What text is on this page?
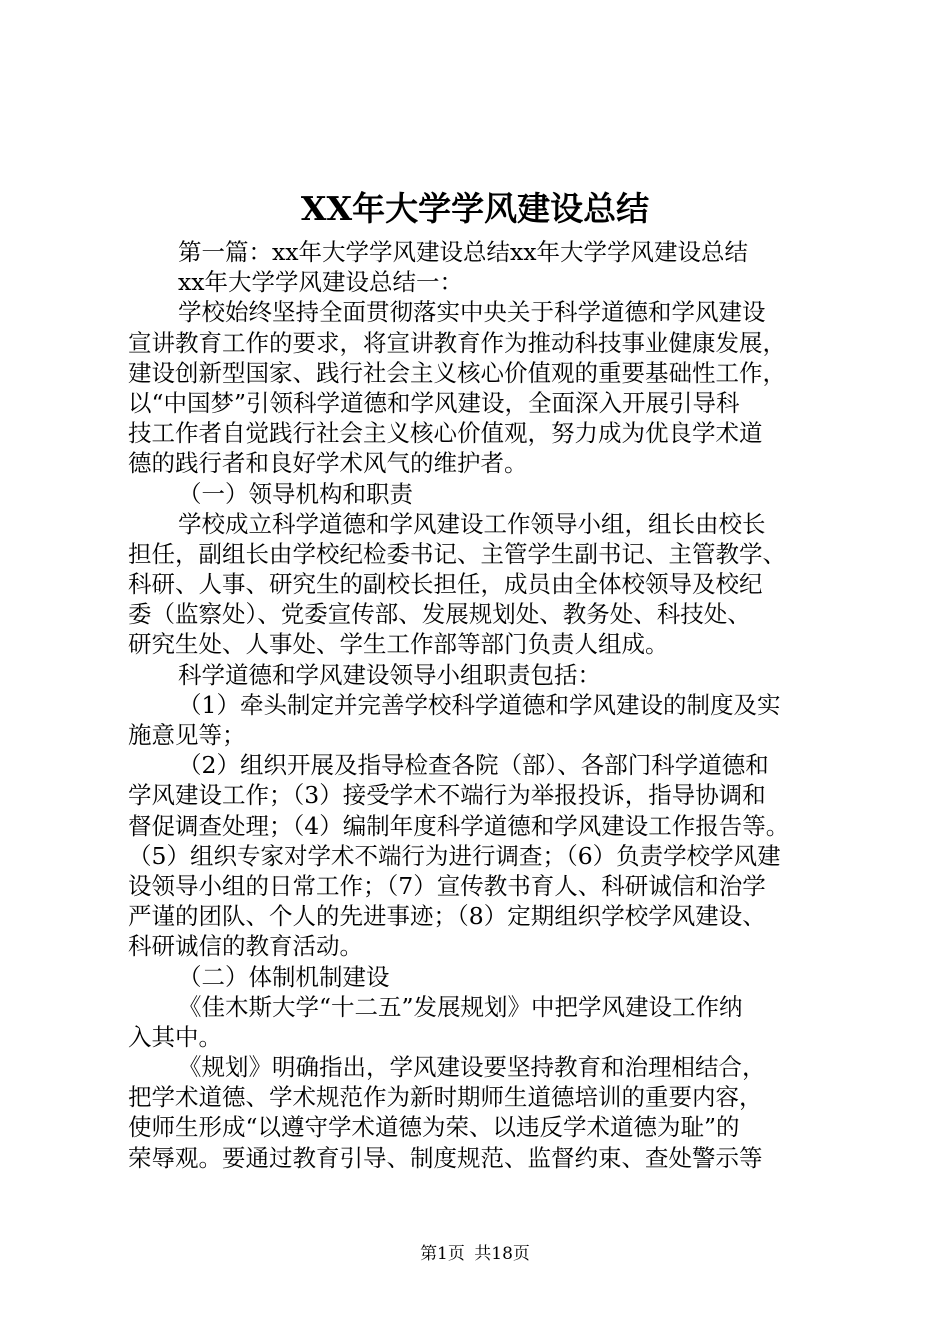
XX年大学学风建设总结
第一篇：xx年大学学风建设总结xx年大学学风建设总结
xx年大学学风建设总结一：
学校始终坚持全面贯彻落实中央关于科学道德和学风建设
宣讲教育工作的要求，将宣讲教育作为推动科技事业健康发展，
建设创新型国家、践行社会主义核心价值观的重要基础性工作，
以“中国梦”引领科学道德和学风建设，全面深入开展引导科
技工作者自觉践行社会主义核心价值观，努力成为优良学术道
德的践行者和良好学术风气的维护者。
（一）领导机构和职责
学校成立科学道德和学风建设工作领导小组，组长由校长
担任，副组长由学校纪检委书记、主管学生副书记、主管教学、
科研、人事、研究生的副校长担任，成员由全体校领导及校纪
委（监察处）、党委宣传部、发展规划处、教务处、科技处、
研究生处、人事处、学生工作部等部门负责人组成。
科学道德和学风建设领导小组职责包括：
（1）牵头制定并完善学校科学道德和学风建设的制度及实
施意见等；
（2）组织开展及指导检查各院（部）、各部门科学道德和
学风建设工作；（3）接受学术不端行为举报投诉，指导协调和
督促调查处理；（4）编制年度科学道德和学风建设工作报告等。
（5）组织专家对学术不端行为进行调查；（6）负责学校学风建
设领导小组的日常工作；（7）宣传教书育人、科研诚信和治学
严谨的团队、个人的先进事迹；（8）定期组织学校学风建设、
科研诚信的教育活动。
（二）体制机制建设
《佳木斯大学“十二五”发展规划》中把学风建设工作纳
入其中。
《规划》明确指出，学风建设要坚持教育和治理相结合，
把学术道德、学术规范作为新时期师生道德培训的重要内容，
使师生形成“以遵守学术道德为荣、以违反学术道德为耻”的
荣辱观。要通过教育引导、制度规范、监督约束、查处警示等
第1页 共18页
